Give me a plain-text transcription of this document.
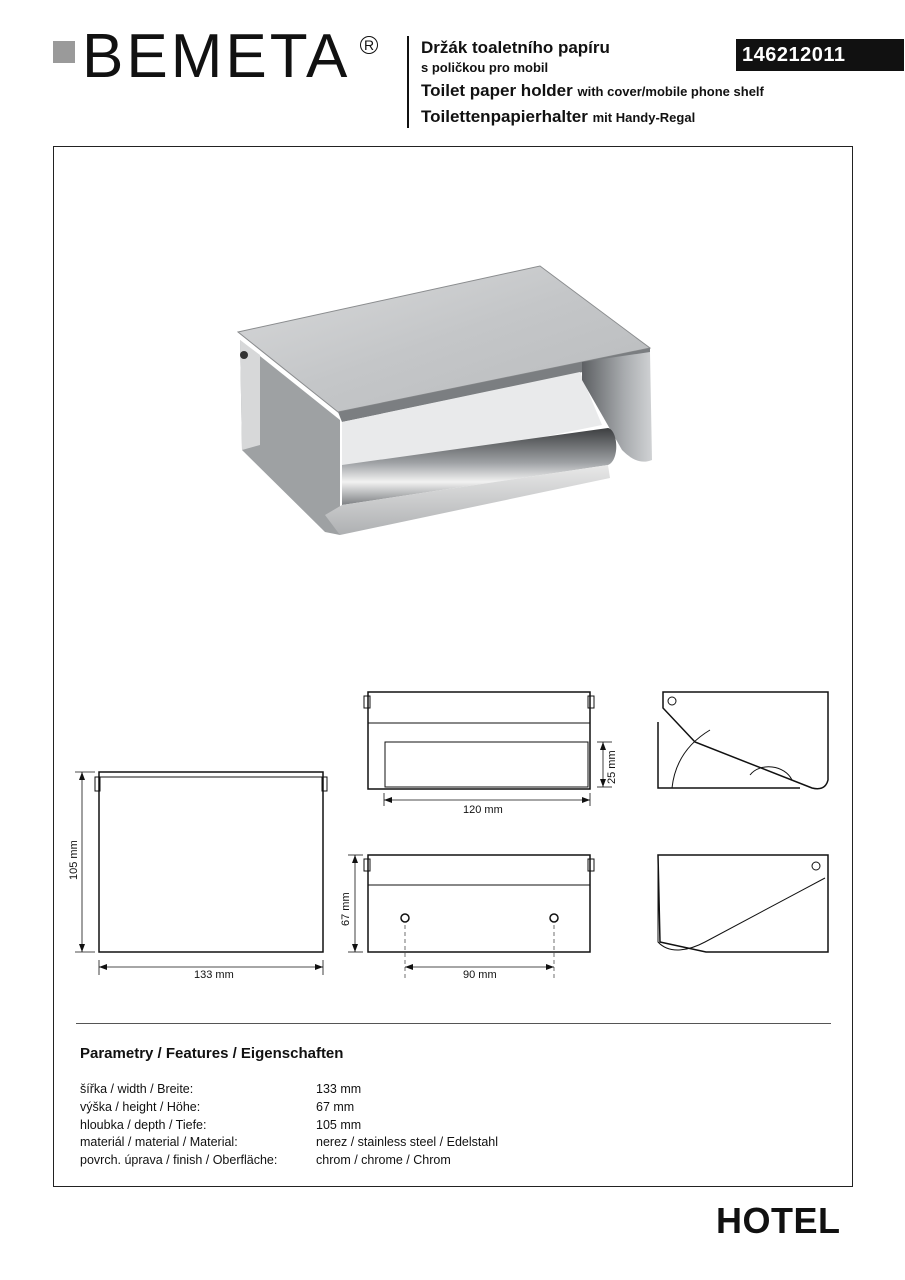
BEMETA R	Držák toaletního papíru
s poličkou pro mobil
Toilet paper holder with cover/mobile phone shelf
Toilettenpapierhalter mit Handy-Regal
146212011
133 mm
105 mm
120 mm
25 mm
67 mm
90 mm
Parametry / Features / Eigenschaften
šířka / width / Breite:	133 mm
výška / height / Höhe:	67 mm
hloubka / depth / Tiefe:	105 mm
materiál / material / Material:	nerez / stainless steel / Edelstahl
povrch. úprava / finish / Oberfläche:	chrom / chrome / Chrom
HOTEL
